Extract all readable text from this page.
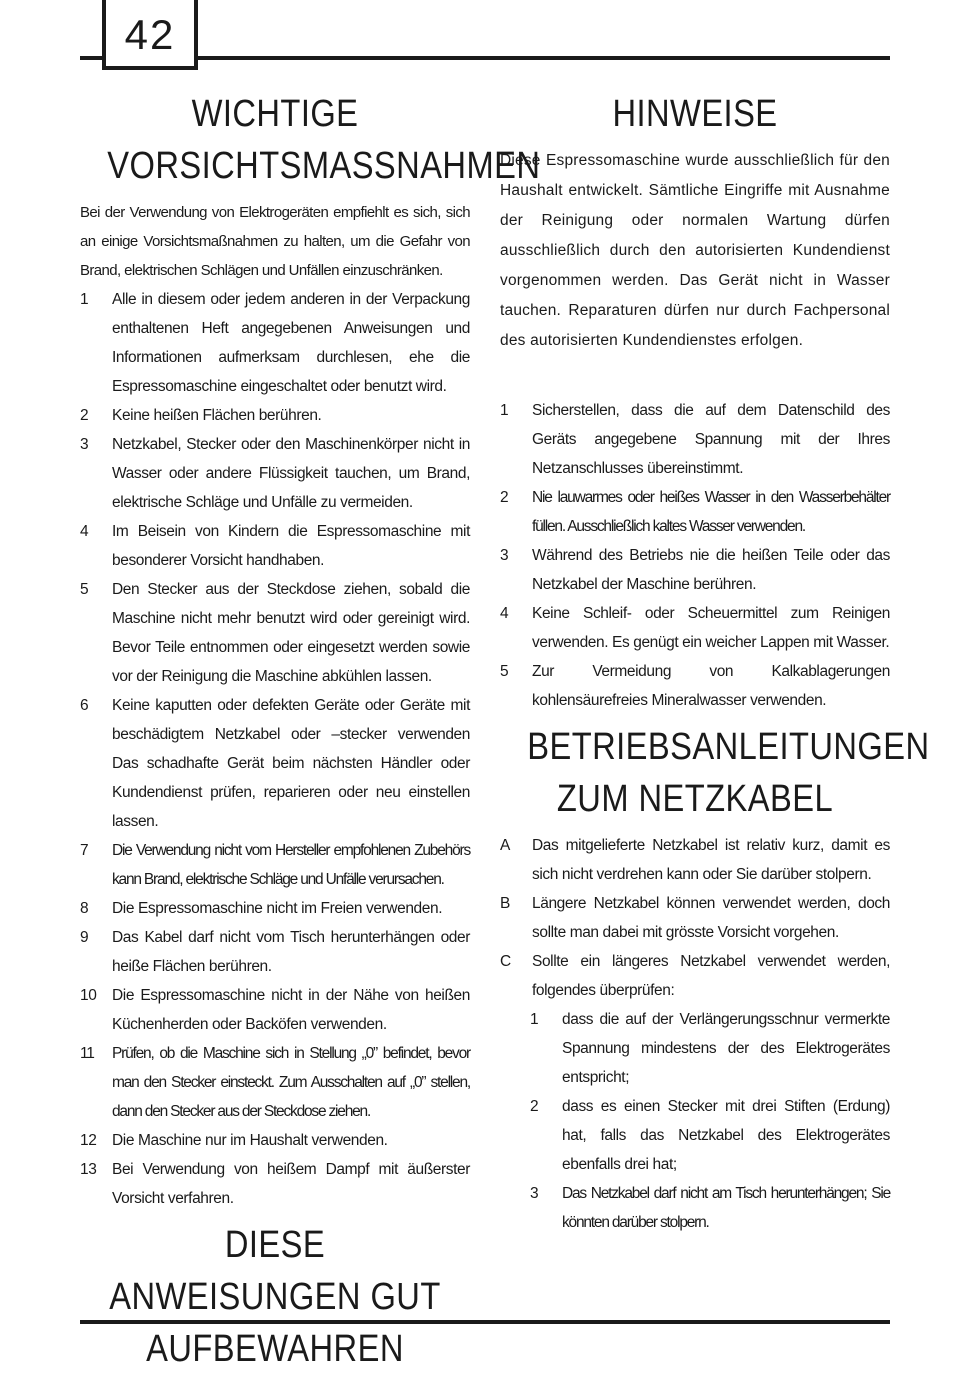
42
WICHTIGE VORSICHTSMASSNAHMEN

Bei der Verwendung von Elektrogeräten empfiehlt es sich, sich an einige Vorsichtsmaßnahmen zu halten, um die Gefahr von Brand, elektrischen Schlägen und Unfällen einzuschränken.

1	Alle in diesem oder jedem anderen in der Verpackung enthaltenen Heft angegebenen Anweisungen und Informationen aufmerksam durchlesen, ehe die Espressomaschine eingeschaltet oder benutzt wird.
2	Keine heißen Flächen berühren.
3	Netzkabel, Stecker oder den Maschinenkörper nicht in Wasser oder andere Flüssigkeit tauchen, um Brand, elektrische Schläge und Unfälle zu vermeiden.
4	Im Beisein von Kindern die Espressomaschine mit besonderer Vorsicht handhaben.
5	Den Stecker aus der Steckdose ziehen, sobald die Maschine nicht mehr benutzt wird oder gereinigt wird. Bevor Teile entnommen oder eingesetzt werden sowie vor der Reinigung die Maschine abkühlen lassen.
6	Keine kaputten oder defekten Geräte oder Geräte mit beschädigtem Netzkabel oder –stecker verwenden Das schadhafte Gerät beim nächsten Händler oder Kundendienst prüfen, reparieren oder neu einstellen lassen.
7	Die Verwendung nicht vom Hersteller empfohlenen Zubehörs kann Brand, elektrische Schläge und Unfälle verursachen.
8	Die Espressomaschine nicht im Freien verwenden.
9	Das Kabel darf nicht vom Tisch herunterhängen oder heiße Flächen berühren.
10	Die Espressomaschine nicht in der Nähe von heißen Küchenherden oder Backöfen verwenden.
11	Prüfen, ob die Maschine sich in Stellung „0” befindet, bevor man den Stecker einsteckt. Zum Ausschalten auf „0” stellen, dann den Stecker aus der Steckdose ziehen.
12	Die Maschine nur im Haushalt verwenden.
13	Bei Verwendung von heißem Dampf mit äußerster Vorsicht verfahren.
DIESE ANWEISUNGEN GUT AUFBEWAHREN
HINWEISE

Diese Espressomaschine wurde ausschließlich für den Haushalt entwickelt. Sämtliche Eingriffe mit Ausnahme der Reinigung oder normalen Wartung dürfen ausschließlich durch den autorisierten Kundendienst vorgenommen werden. Das Gerät nicht in Wasser tauchen. Reparaturen dürfen nur durch Fachpersonal des autorisierten Kundendienstes erfolgen.

1	Sicherstellen, dass die auf dem Datenschild des Geräts angegebene Spannung mit der Ihres Netzanschlusses übereinstimmt.
2	Nie lauwarmes oder heißes Wasser in den Wasserbehälter füllen. Ausschließlich kaltes Wasser verwenden.
3	Während des Betriebs nie die heißen Teile oder das Netzkabel der Maschine berühren.
4	Keine Schleif- oder Scheuermittel zum Reinigen verwenden. Es genügt ein weicher Lappen mit Wasser.
5	Zur Vermeidung von Kalkablagerungen kohlensäurefreies Mineralwasser verwenden.
BETRIEBSANLEITUNGEN ZUM NETZKABEL
A	Das mitgelieferte Netzkabel ist relativ kurz, damit es sich nicht verdrehen kann oder Sie darüber stolpern.
B	Längere Netzkabel können verwendet werden, doch sollte man dabei mit grösste Vorsicht vorgehen.
C	Sollte ein längeres Netzkabel verwendet werden, folgendes überprüfen:
1	dass die auf der Verlängerungsschnur vermerkte Spannung mindestens der des Elektrogerätes entspricht;
2	dass es einen Stecker mit drei Stiften (Erdung) hat, falls das Netzkabel des Elektrogerätes ebenfalls drei hat;
3	Das Netzkabel darf nicht am Tisch herunterhängen; Sie könnten darüber stolpern.
